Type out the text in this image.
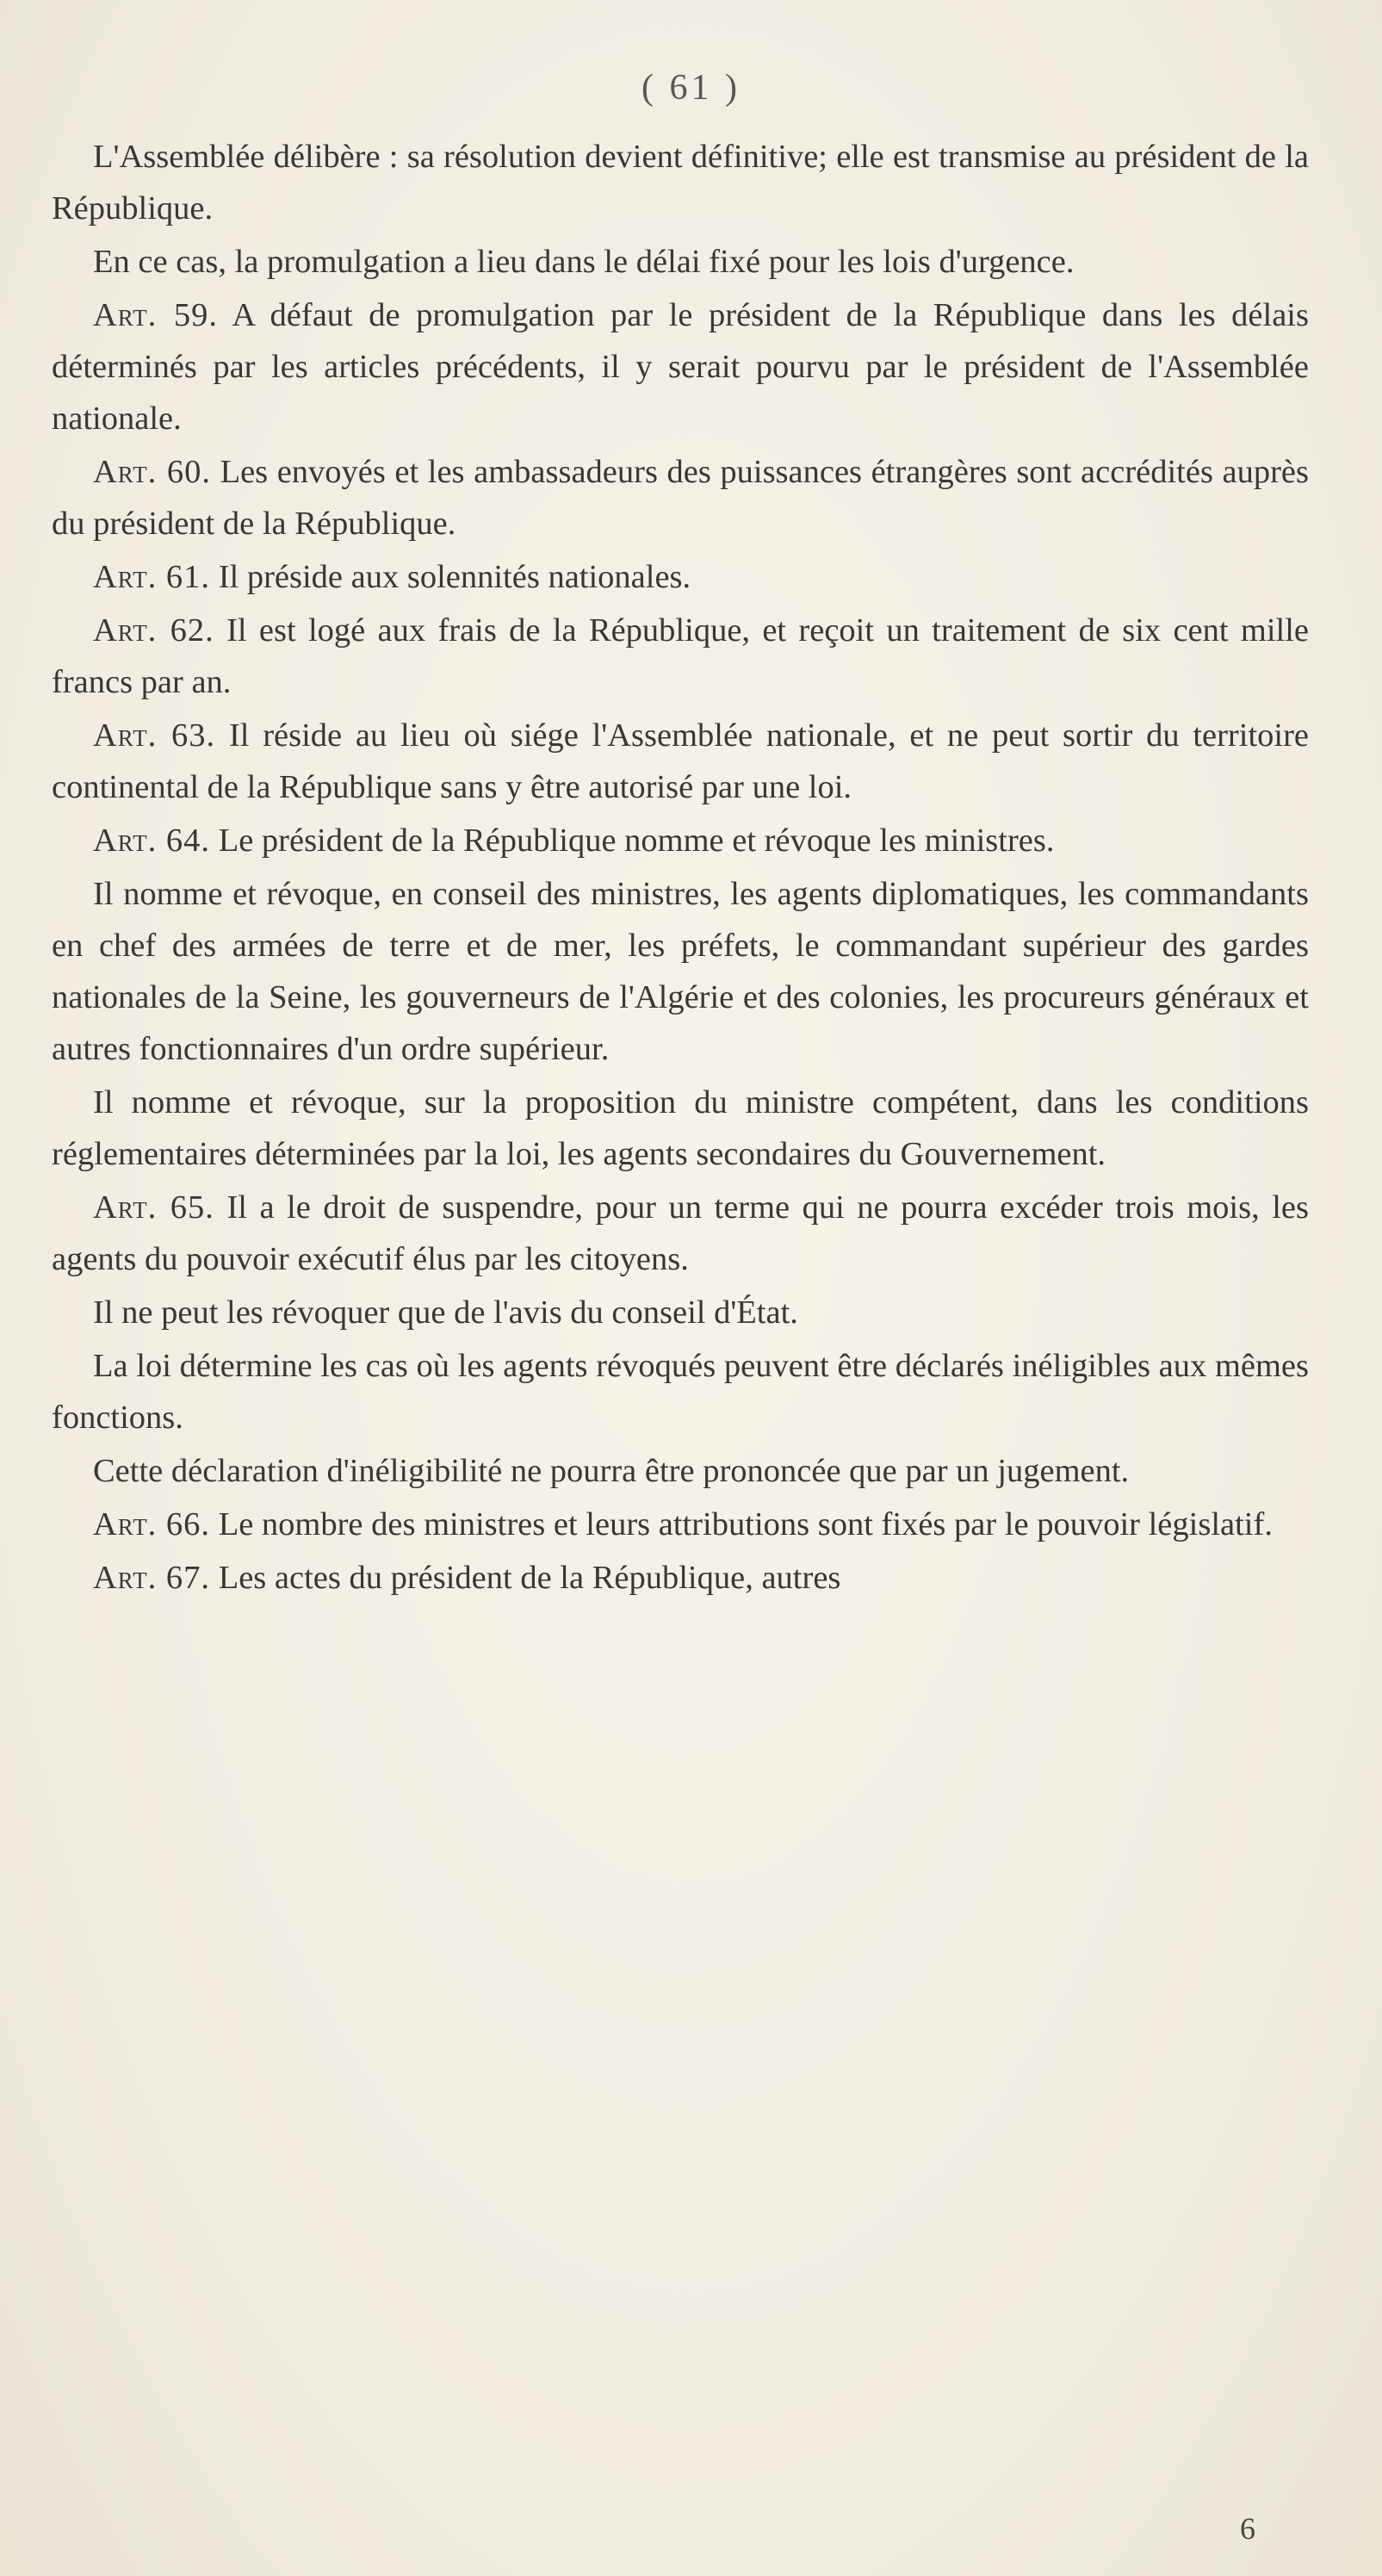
( 61 )

L'Assemblée délibère : sa résolution devient définitive; elle est transmise au président de la République.

En ce cas, la promulgation a lieu dans le délai fixé pour les lois d'urgence.

Art. 59. A défaut de promulgation par le président de la République dans les délais déterminés par les articles précédents, il y serait pourvu par le président de l'Assemblée nationale.

Art. 60. Les envoyés et les ambassadeurs des puissances étrangères sont accrédités auprès du président de la République.

Art. 61. Il préside aux solennités nationales.

Art. 62. Il est logé aux frais de la République, et reçoit un traitement de six cent mille francs par an.

Art. 63. Il réside au lieu où siége l'Assemblée nationale, et ne peut sortir du territoire continental de la République sans y être autorisé par une loi.

Art. 64. Le président de la République nomme et révoque les ministres.

Il nomme et révoque, en conseil des ministres, les agents diplomatiques, les commandants en chef des armées de terre et de mer, les préfets, le commandant supérieur des gardes nationales de la Seine, les gouverneurs de l'Algérie et des colonies, les procureurs généraux et autres fonctionnaires d'un ordre supérieur.

Il nomme et révoque, sur la proposition du ministre compétent, dans les conditions réglementaires déterminées par la loi, les agents secondaires du Gouvernement.

Art. 65. Il a le droit de suspendre, pour un terme qui ne pourra excéder trois mois, les agents du pouvoir exécutif élus par les citoyens.

Il ne peut les révoquer que de l'avis du conseil d'État.

La loi détermine les cas où les agents révoqués peuvent être déclarés inéligibles aux mêmes fonctions.

Cette déclaration d'inéligibilité ne pourra être prononcée que par un jugement.

Art. 66. Le nombre des ministres et leurs attributions sont fixés par le pouvoir législatif.

Art. 67. Les actes du président de la République, autres

6
